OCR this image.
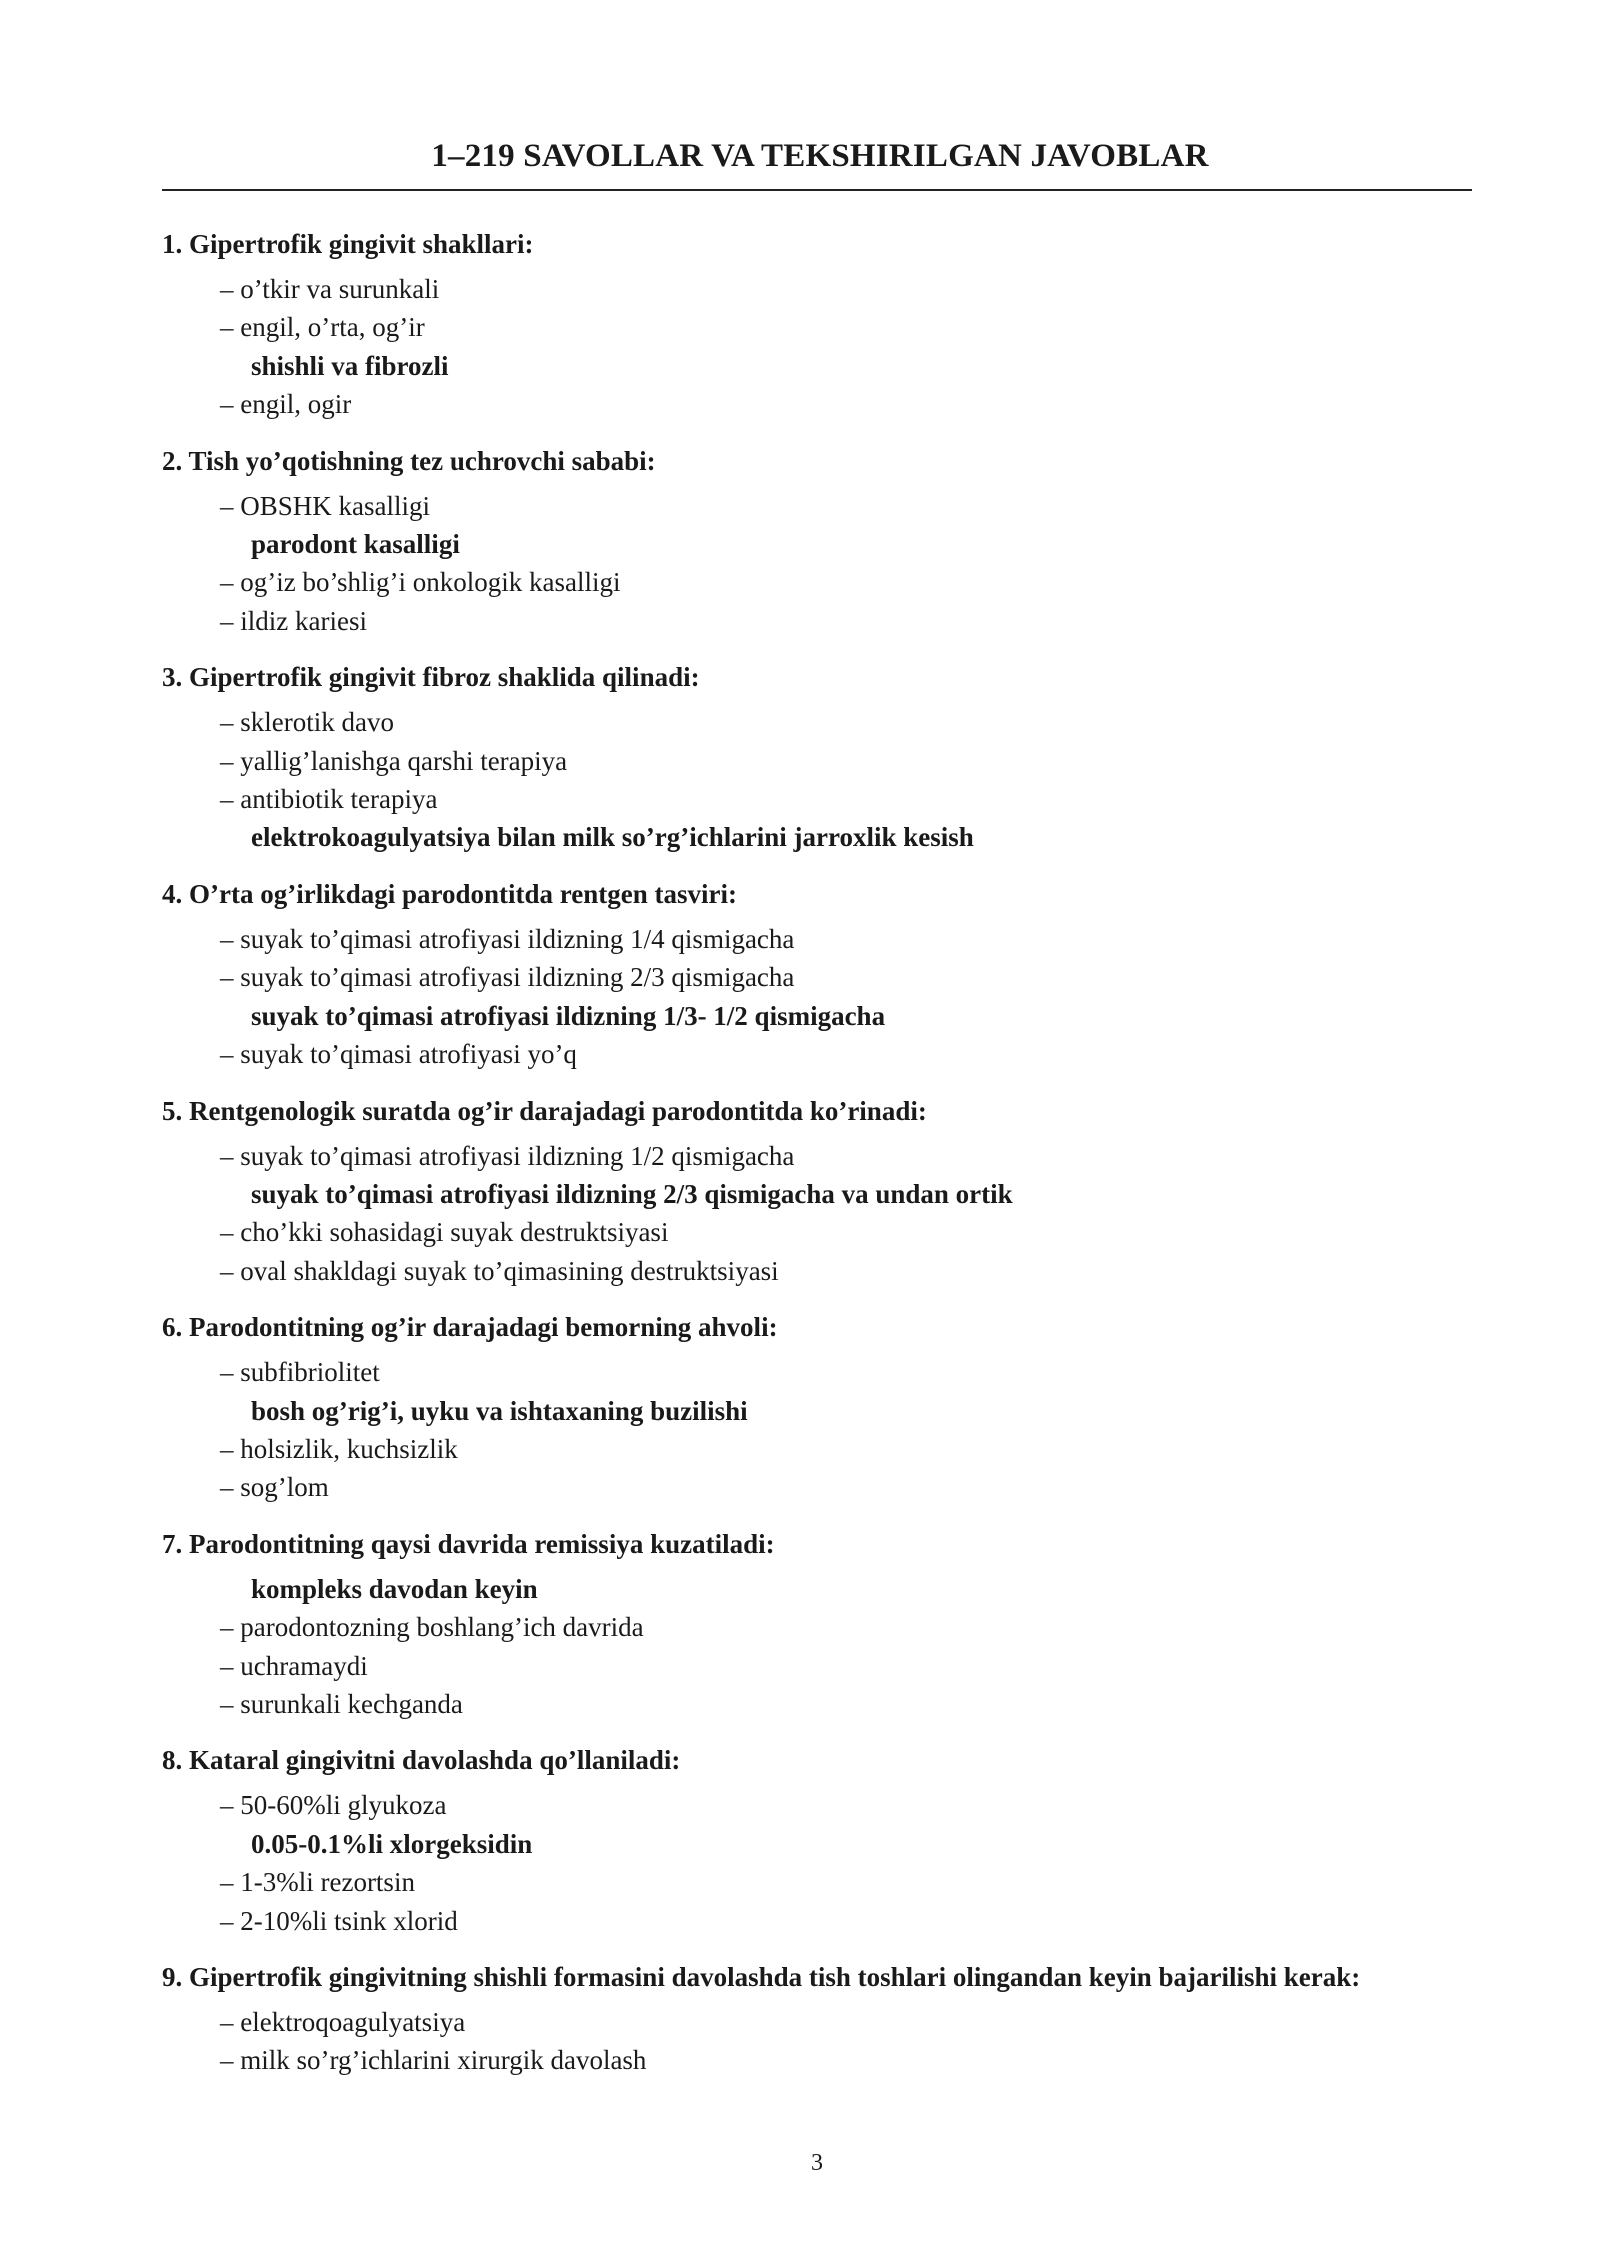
1–219 SAVOLLAR VA TEKSHIRILGAN JAVOBLAR
1. Gipertrofik gingivit shakllari:
– o’tkir va surunkali
– engil, o’rta, og’ir
shishli va fibrozli
– engil, ogir
2. Tish yo’qotishning tez uchrovchi sababi:
– OBSHK kasalligi
parodont kasalligi
– og’iz bo’shlig’i onkologik kasalligi
– ildiz kariesi
3. Gipertrofik gingivit fibroz shaklida qilinadi:
– sklerotik davo
– yallig’lanishga qarshi terapiya
– antibiotik terapiya
elektrokoagulyatsiya bilan milk so’rg’ichlarini jarroxlik kesish
4. O’rta og’irlikdagi parodontitda rentgen tasviri:
– suyak to’qimasi atrofiyasi ildizning 1/4 qismigacha
– suyak to’qimasi atrofiyasi ildizning 2/3 qismigacha
suyak to’qimasi atrofiyasi ildizning 1/3- 1/2 qismigacha
– suyak to’qimasi atrofiyasi yo’q
5. Rentgenologik suratda og’ir darajadagi parodontitda ko’rinadi:
– suyak to’qimasi atrofiyasi ildizning 1/2 qismigacha
suyak to’qimasi atrofiyasi ildizning 2/3 qismigacha va undan ortik
– cho’kki sohasidagi suyak destruktsiyasi
– oval shakldagi suyak to’qimasining destruktsiyasi
6. Parodontitning og’ir darajadagi bemorning ahvoli:
– subfibriolitet
bosh og’rig’i, uyku va ishtaxaning buzilishi
– holsizlik, kuchsizlik
– sog’lom
7. Parodontitning qaysi davrida remissiya kuzatiladi:
kompleks davodan keyin
– parodontozning boshlang’ich davrida
– uchramaydi
– surunkali kechganda
8. Kataral gingivitni davolashda qo’llaniladi:
– 50-60%li glyukoza
0.05-0.1%li xlorgeksidin
– 1-3%li rezortsin
– 2-10%li tsink xlorid
9. Gipertrofik gingivitning shishli formasini davolashda tish toshlari olingandan keyin bajarilishi kerak:
– elektroqoagulyatsiya
– milk so’rg’ichlarini xirurgik davolash
3
